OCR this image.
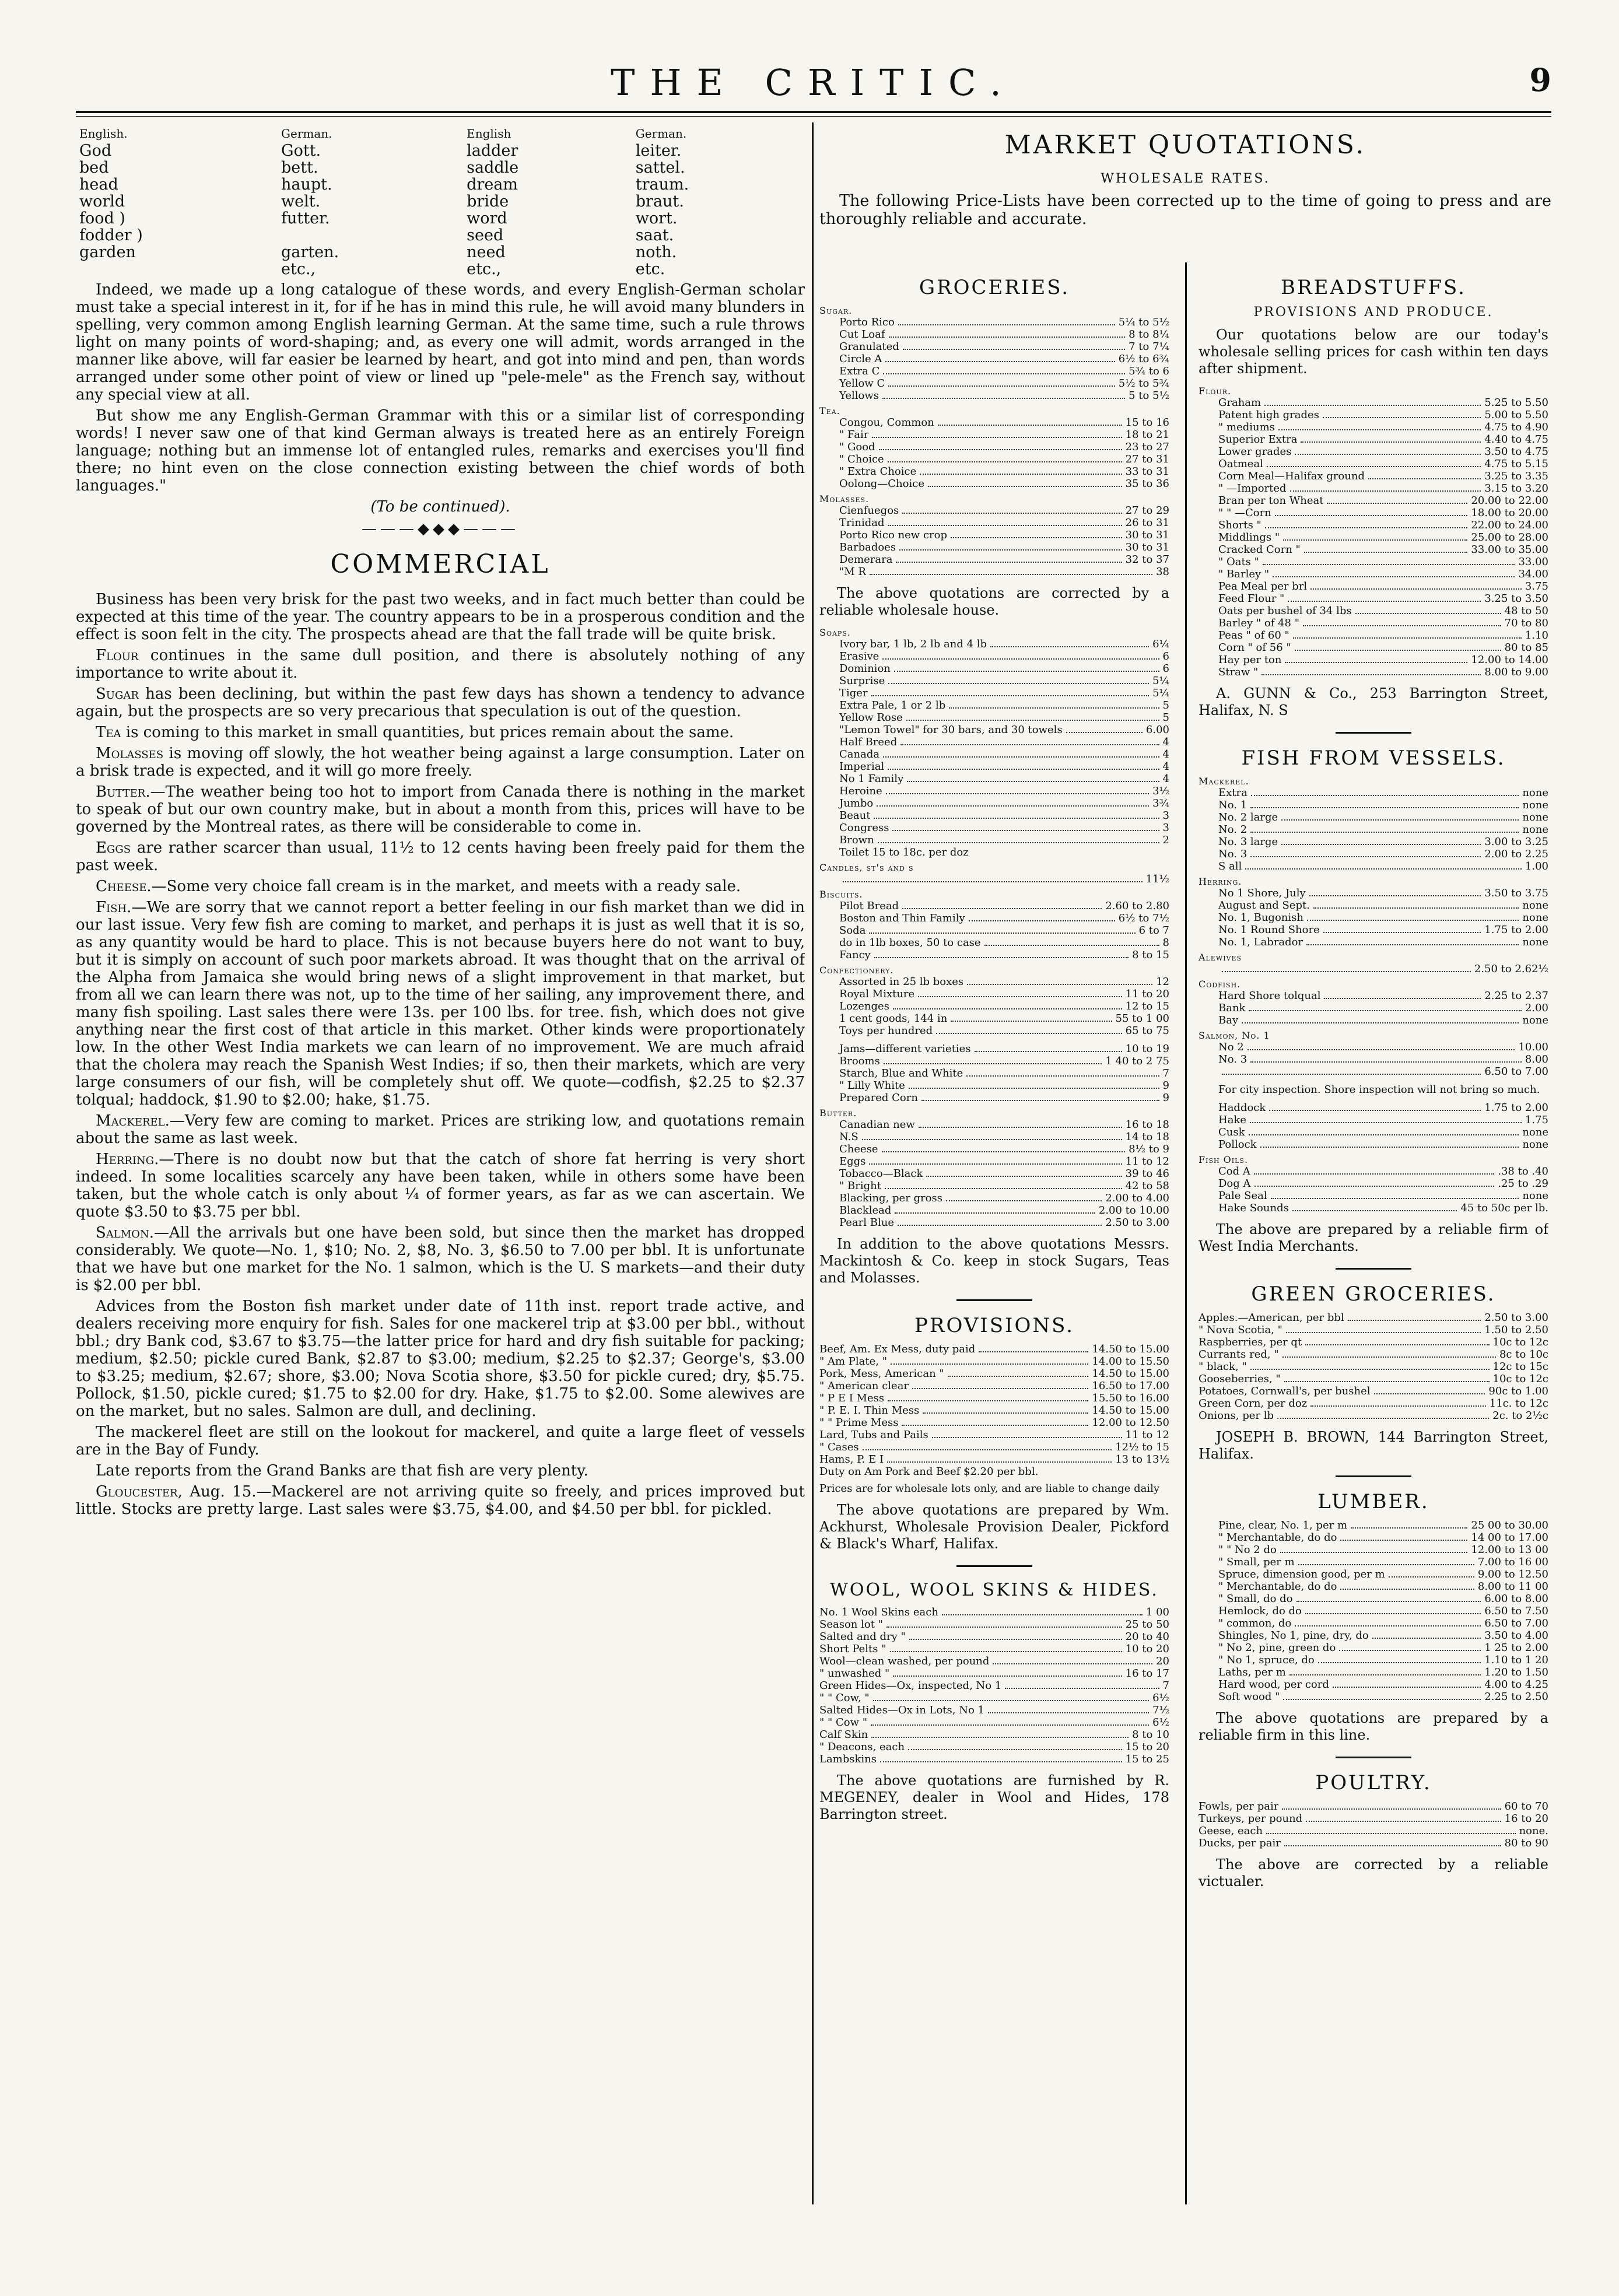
THE CRITIC.	9
English.	German.	English	German.
God	Gott.	ladder	leiter.
bed	bett.	saddle	sattel.
head	haupt.	dream	traum.
world	welt.	bride	braut.
food )	futter.	word	wort.
fodder )		seed	saat.
garden	garten.	need	noth.
	etc.,	etc.,	etc.

Indeed, we made up a long catalogue of these words, and every English-German scholar must take a special interest in it, for if he has in mind this rule, he will avoid many blunders in spelling, very common among English learning German. At the same time, such a rule throws light on many points of word-shaping; and, as every one will admit, words arranged in the manner like above, will far easier be learned by heart, and got into mind and pen, than words arranged under some other point of view or lined up "pele-mele" as the French say, without any special view at all.

But show me any English-German Grammar with this or a similar list of corresponding words! I never saw one of that kind German always is treated here as an entirely Foreign language; nothing but an immense lot of entangled rules, remarks and exercises you'll find there; no hint even on the close connection existing between the chief words of both languages."

(To be continued).
———◆◆◆———
COMMERCIAL

Business has been very brisk for the past two weeks, and in fact much better than could be expected at this time of the year. The country appears to be in a prosperous condition and the effect is soon felt in the city. The prospects ahead are that the fall trade will be quite brisk.

Flour continues in the same dull position, and there is absolutely nothing of any importance to write about it.

Sugar has been declining, but within the past few days has shown a tendency to advance again, but the prospects are so very precarious that speculation is out of the question.

Tea is coming to this market in small quantities, but prices remain about the same.

Molasses is moving off slowly, the hot weather being against a large consumption. Later on a brisk trade is expected, and it will go more freely.

Butter.—The weather being too hot to import from Canada there is nothing in the market to speak of but our own country make, but in about a month from this, prices will have to be governed by the Montreal rates, as there will be considerable to come in.

Eggs are rather scarcer than usual, 11½ to 12 cents having been freely paid for them the past week.

Cheese.—Some very choice fall cream is in the market, and meets with a ready sale.

Fish.—We are sorry that we cannot report a better feeling in our fish market than we did in our last issue. Very few fish are coming to market, and perhaps it is just as well that it is so, as any quantity would be hard to place. This is not because buyers here do not want to buy, but it is simply on account of such poor markets abroad. It was thought that on the arrival of the Alpha from Jamaica she would bring news of a slight improvement in that market, but from all we can learn there was not, up to the time of her sailing, any improvement there, and many fish spoiling. Last sales there were 13s. per 100 lbs. for tree. fish, which does not give anything near the first cost of that article in this market. Other kinds were proportionately low. In the other West India markets we can learn of no improvement. We are much afraid that the cholera may reach the Spanish West Indies; if so, then their markets, which are very large consumers of our fish, will be completely shut off. We quote—codfish, $2.25 to $2.37 tolqual; haddock, $1.90 to $2.00; hake, $1.75.

Mackerel.—Very few are coming to market. Prices are striking low, and quotations remain about the same as last week.

Herring.—There is no doubt now but that the catch of shore fat herring is very short indeed. In some localities scarcely any have been taken, while in others some have been taken, but the whole catch is only about ¼ of former years, as far as we can ascertain. We quote $3.50 to $3.75 per bbl.

Salmon.—All the arrivals but one have been sold, but since then the market has dropped considerably. We quote—No. 1, $10; No. 2, $8, No. 3, $6.50 to 7.00 per bbl. It is unfortunate that we have but one market for the No. 1 salmon, which is the U. S markets—and their duty is $2.00 per bbl.

Advices from the Boston fish market under date of 11th inst. report trade active, and dealers receiving more enquiry for fish. Sales for one mackerel trip at $3.00 per bbl., without bbl.; dry Bank cod, $3.67 to $3.75—the latter price for hard and dry fish suitable for packing; medium, $2.50; pickle cured Bank, $2.87 to $3.00; medium, $2.25 to $2.37; George's, $3.00 to $3.25; medium, $2.67; shore, $3.00; Nova Scotia shore, $3.50 for pickle cured; dry, $5.75. Pollock, $1.50, pickle cured; $1.75 to $2.00 for dry. Hake, $1.75 to $2.00. Some alewives are on the market, but no sales. Salmon are dull, and declining.

The mackerel fleet are still on the lookout for mackerel, and quite a large fleet of vessels are in the Bay of Fundy.

Late reports from the Grand Banks are that fish are very plenty.

Gloucester, Aug. 15.—Mackerel are not arriving quite so freely, and prices improved but little. Stocks are pretty large. Last sales were $3.75, $4.00, and $4.50 per bbl. for pickled.

MARKET QUOTATIONS.
WHOLESALE RATES.

The following Price-Lists have been corrected up to the time of going to press and are thoroughly reliable and accurate.

GROCERIES.
Sugar.
Porto Rico	5¼ to 5½
Cut Loaf	8 to 8¼
Granulated	7 to 7¼
Circle A	6½ to 6¾
Extra C	5¾ to 6
Yellow C	5½ to 5¾
Yellows	5 to 5½
Tea.
Congou, Common	15 to 16
" Fair	18 to 21
" Good	23 to 27
" Choice	27 to 31
" Extra Choice	33 to 31
Oolong—Choice	35 to 36
Molasses.
Cienfuegos	27 to 29
Trinidad	26 to 31
Porto Rico new crop	30 to 31
Barbadoes	30 to 31
Demerara	32 to 37
"M R	38
The above quotations are corrected by a reliable wholesale house.
Soaps.
Ivory bar, 1 lb, 2 lb and 4 lb	6¼
Erasive	6
Dominion	6
Surprise	5¼
Tiger	5¼
Extra Pale, 1 or 2 lb	5
Yellow Rose	5
"Lemon Towel" for 30 bars, and 30 towels	6.00
Half Breed	4
Canada	4
Imperial	4
No 1 Family	4
Heroine	3½
Jumbo	3¾
Beaut	3
Congress	3
Brown	2
Toilet 15 to 18c. per doz
Candles, st's and s
11½
Biscuits.
Pilot Bread	2.60 to 2.80
Boston and Thin Family	6½ to 7½
Soda	6 to 7
do in 1lb boxes, 50 to case	8
Fancy	8 to 15
Confectionery.
Assorted in 25 lb boxes	12
Royal Mixture	11 to 20
Lozenges	12 to 15
1 cent goods, 144 in	55 to 1 00
Toys per hundred	65 to 75
Jams—different varieties	10 to 19
Brooms	1 40 to 2 75
Starch, Blue and White	7
" Lilly White	9
Prepared Corn	9
Butter.
Canadian new	16 to 18
N.S	14 to 18
Cheese	8½ to 9
Eggs	11 to 12
Tobacco—Black	39 to 46
" Bright	42 to 58
Blacking, per gross	2.00 to 4.00
Blacklead	2.00 to 10.00
Pearl Blue	2.50 to 3.00
In addition to the above quotations Messrs. Mackintosh & Co. keep in stock Sugars, Teas and Molasses.
PROVISIONS.
Beef, Am. Ex Mess, duty paid	14.50 to 15.00
" Am Plate, "	14.00 to 15.50
Pork, Mess, American "	14.50 to 15.00
" American clear	16.50 to 17.00
" P E I Mess	15.50 to 16.00
" P. E. I. Thin Mess	14.50 to 15.00
" " Prime Mess	12.00 to 12.50
Lard, Tubs and Pails	11 to 12
" Cases	12½ to 15
Hams, P. E I	13 to 13½
Duty on Am Pork and Beef $2.20 per bbl.
Prices are for wholesale lots only, and are liable to change daily
The above quotations are prepared by Wm. Ackhurst, Wholesale Provision Dealer, Pickford & Black's Wharf, Halifax.
WOOL, WOOL SKINS & HIDES.
No. 1 Wool Skins each	1 00
Season lot "	25 to 50
Salted and dry "	20 to 40
Short Pelts "	10 to 20
Wool—clean washed, per pound	20
" unwashed "	16 to 17
Green Hides—Ox, inspected, No 1	7
" " Cow, "	6½
Salted Hides—Ox in Lots, No 1	7½
" " Cow "	6½
Calf Skin	8 to 10
" Deacons, each	15 to 20
Lambskins	15 to 25
The above quotations are furnished by R. MEGENEY, dealer in Wool and Hides, 178 Barrington street.
BREADSTUFFS.
PROVISIONS AND PRODUCE.
Our quotations below are our today's wholesale selling prices for cash within ten days after shipment.
Flour.
Graham	5.25 to 5.50
Patent high grades	5.00 to 5.50
" mediums	4.75 to 4.90
Superior Extra	4.40 to 4.75
Lower grades	3.50 to 4.75
Oatmeal	4.75 to 5.15
Corn Meal—Halifax ground	3.25 to 3.35
" —Imported	3.15 to 3.20
Bran per ton Wheat	20.00 to 22.00
" " —Corn	18.00 to 20.00
Shorts "	22.00 to 24.00
Middlings "	25.00 to 28.00
Cracked Corn "	33.00 to 35.00
" Oats "	33.00
" Barley "	34.00
Pea Meal per brl	3.75
Feed Flour "	3.25 to 3.50
Oats per bushel of 34 lbs	48 to 50
Barley " of 48 "	70 to 80
Peas " of 60 "	1.10
Corn " of 56 "	80 to 85
Hay per ton	12.00 to 14.00
Straw "	8.00 to 9.00
A. GUNN & Co., 253 Barrington Street, Halifax, N. S
FISH FROM VESSELS.
Mackerel.
Extra	none
No. 1	none
No. 2 large	none
No. 2	none
No. 3 large	3.00 to 3.25
No. 3	2.00 to 2.25
S all	1.00
Herring.
No 1 Shore, July	3.50 to 3.75
August and Sept.	none
No. 1, Bugonish	none
No. 1 Round Shore	1.75 to 2.00
No. 1, Labrador	none
Alewives
2.50 to 2.62½
Codfish.
Hard Shore tolqual	2.25 to 2.37
Bank	2.00
Bay	none
Salmon, No. 1
No 2	10.00
No. 3	8.00
6.50 to 7.00
For city inspection. Shore inspection will not bring so much.
Haddock	1.75 to 2.00
Hake	1.75
Cusk	none
Pollock	none
Fish Oils.
Cod A	.38 to .40
Dog A	.25 to .29
Pale Seal	none
Hake Sounds	45 to 50c per lb.
The above are prepared by a reliable firm of West India Merchants.
GREEN GROCERIES.
Apples.—American, per bbl	2.50 to 3.00
" Nova Scotia, "	1.50 to 2.50
Raspberries, per qt	10c to 12c
Currants red, "	8c to 10c
" black, "	12c to 15c
Gooseberries, "	10c to 12c
Potatoes, Cornwall's, per bushel	90c to 1.00
Green Corn, per doz	11c. to 12c
Onions, per lb	2c. to 2½c
JOSEPH B. BROWN, 144 Barrington Street, Halifax.
LUMBER.
Pine, clear, No. 1, per m	25 00 to 30.00
" Merchantable, do do	14 00 to 17.00
" " No 2 do	12.00 to 13 00
" Small, per m	7.00 to 16 00
Spruce, dimension good, per m	9.00 to 12.50
" Merchantable, do do	8.00 to 11 00
" Small, do do	6.00 to 8.00
Hemlock, do do	6.50 to 7.50
" common, do	6.50 to 7.00
Shingles, No 1, pine, dry, do	3.50 to 4.00
" No 2, pine, green do	1 25 to 2.00
" No 1, spruce, do	1.10 to 1 20
Laths, per m	1.20 to 1.50
Hard wood, per cord	4.00 to 4.25
Soft wood "	2.25 to 2.50
The above quotations are prepared by a reliable firm in this line.
POULTRY.
Fowls, per pair	60 to 70
Turkeys, per pound	16 to 20
Geese, each	none.
Ducks, per pair	80 to 90
The above are corrected by a reliable victualer.
